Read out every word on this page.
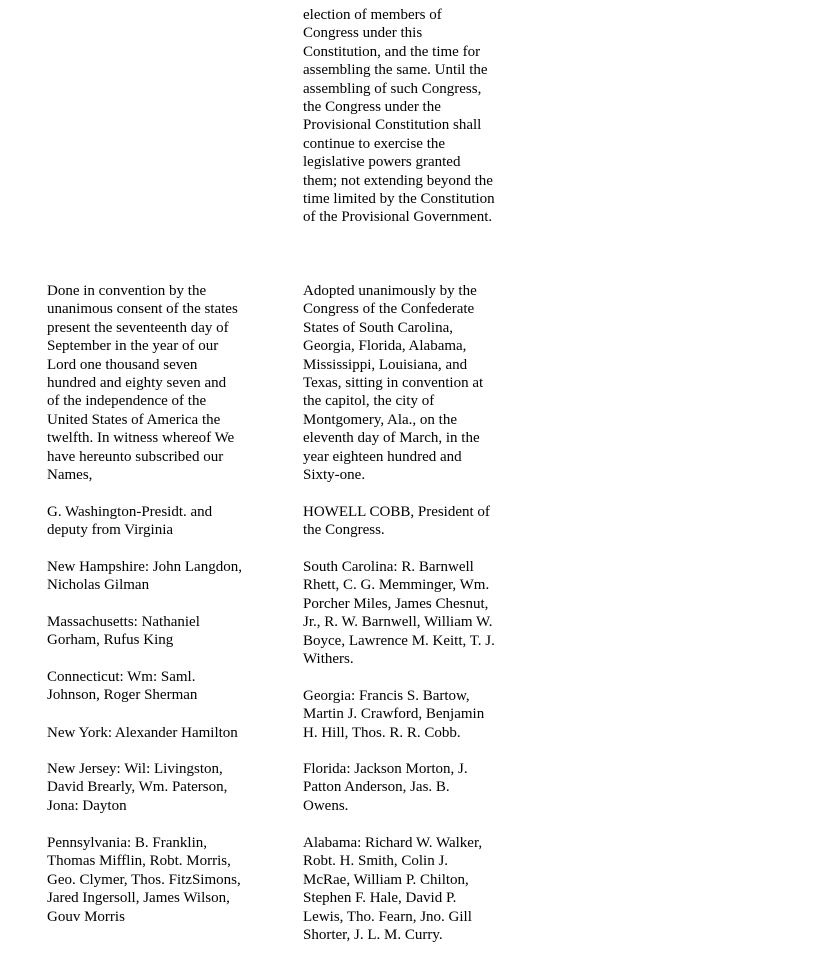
election of members of
Congress under this
Constitution, and the time for
assembling the same. Until the
assembling of such Congress,
the Congress under the
Provisional Constitution shall
continue to exercise the
legislative powers granted
them; not extending beyond the
time limited by the Constitution
of the Provisional Government.

Adopted unanimously by the
Congress of the Confederate
States of South Carolina,
Georgia, Florida, Alabama,
Mississippi, Louisiana, and
Texas, sitting in convention at
the capitol, the city of
Montgomery, Ala., on the
eleventh day of March, in the
year eighteen hundred and
Sixty-one.

HOWELL COBB, President of
the Congress.

South Carolina: R. Barnwell
Rhett, C. G. Memminger, Wm.
Porcher Miles, James Chesnut,
Jr., R. W. Barnwell, William W.
Boyce, Lawrence M. Keitt, T. J.
Withers.

Georgia: Francis S. Bartow,
Martin J. Crawford, Benjamin
H. Hill, Thos. R. R. Cobb.

Florida: Jackson Morton, J.
Patton Anderson, Jas. B.
Owens.

Alabama: Richard W. Walker,
Robt. H. Smith, Colin J.
McRae, William P. Chilton,
Stephen F. Hale, David P.
Lewis, Tho. Fearn, Jno. Gill
Shorter, J. L. M. Curry.

Done in convention by the
unanimous consent of the states
present the seventeenth day of
September in the year of our
Lord one thousand seven
hundred and eighty seven and
of the independence of the
United States of America the
twelfth. In witness whereof We
have hereunto subscribed our
Names,

G. Washington-Presidt. and
deputy from Virginia

New Hampshire: John Langdon,
Nicholas Gilman

Massachusetts: Nathaniel
Gorham, Rufus King

Connecticut: Wm: Saml.
Johnson, Roger Sherman

New York: Alexander Hamilton

New Jersey: Wil: Livingston,
David Brearly, Wm. Paterson,
Jona: Dayton

Pennsylvania: B. Franklin,
Thomas Mifflin, Robt. Morris,
Geo. Clymer, Thos. FitzSimons,
Jared Ingersoll, James Wilson,
Gouv Morris
